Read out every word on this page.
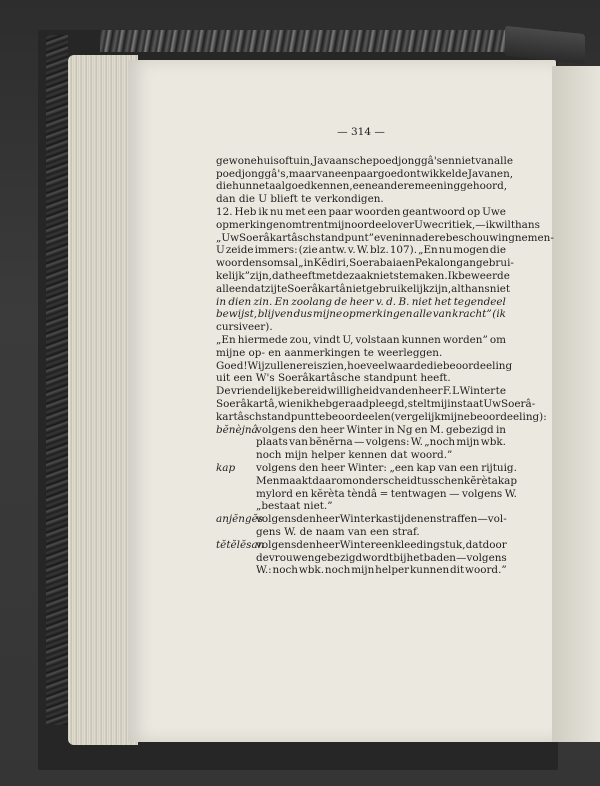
— 314 —
gewone huis of tuin, Javaansche poedjonggâ's en niet van alle
poedjonggâ's, maar van een paar goed ontwikkelde Javanen,
die hunne taal goed kennen, eene andere meening gehoord,
dan die U blieft te verkondigen.
12. Heb ik nu met een paar woorden geantwoord op Uwe
opmerkingen omtrent mijn oordeel over Uwe critiek,— ik wil thans
„Uw Soerâkartâsch standpunt” even in nadere beschouwing nemen-
U zeide immers: (zie antw. v. W. blz. 107). „En nu mogen die
woorden soms al „in Kĕdiri, Soerabaia en Pekalongan gebrui-
kelijk” zijn, dat heeft met de zaak niets te maken. Ik beweerde
alleen dat zij te Soerâkartâ niet gebruikelijk zijn, althans niet
in dien zin. En zoolang de heer v. d. B. niet het tegendeel
bewijst, blijven dus mijne opmerkingen alle van kracht” (ik
cursiveer).
„En hiermede zou, vindt U, volstaan kunnen worden” om
mijne op- en aanmerkingen te weerleggen.
Goed! Wij zullen ereis zien, hoeveel waarde die beoordeeling
uit een W's Soerâkartâsche standpunt heeft.
De vriendelijke bereidwilligheid van den heer F. L Winter te
Soerâkartâ, wien ik heb geraadpleegd, stelt mij in staat Uw Soerâ-
kartâsch standpunt te beoordeelen (vergelijk mijne beoordeeling):
bĕnèjnâ
volgens den heer Winter in Ng en M. gebezigd in
plaats van bĕnĕrna — volgens: W. „noch mijn wbk.
noch mijn helper kennen dat woord.”
kap	volgens den heer Winter: „een kap van een rijtuig.
Men maakt daarom onderscheid tusschen kĕrèta kap
mylord en kĕrèta tèndâ = tentwagen — volgens W.
„bestaat niet.”
anjĕngĕs
volgens den heer Winter kastijden en straffen — vol-
gens W. de naam van een straf.
tĕtĕlĕsan
volgens den heer Winter een kleedingstuk, dat door
de vrouwen gebezigd wordt bij het baden — volgens
W.: noch wbk. noch mijn helper kunnen dit woord.”
